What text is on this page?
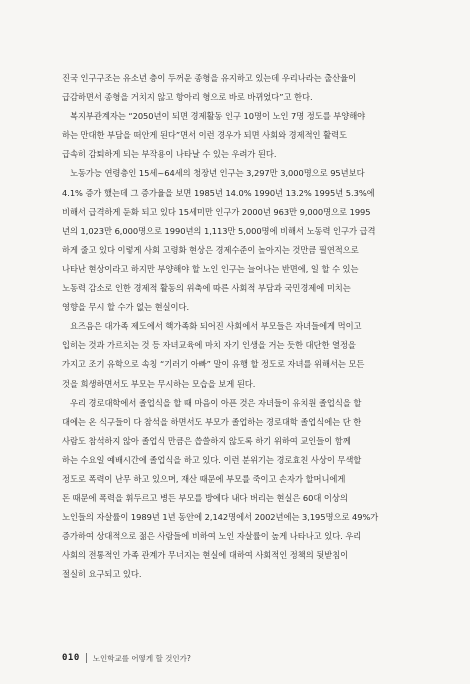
진국 인구구조는 유소년 층이 두꺼운 종형을 유지하고 있는데 우리나라는 출산율이
급감하면서 종형을 거치지 않고 항아리 형으로 바로 바뀌었다”고 한다.
복지부관계자는 “2050년이 되면 경제활동 인구 10명이 노인 7명 정도를 부양해야
하는 만대한 부담을 떠안게 된다”면서 이런 경우가 되면 사회와 경제적인 활력도
급속히 감퇴하게 되는 부작용이 나타날 수 있는 우려가 된다.
노동가능 연령층인 15세~64세의 청장년 인구는 3,297만 3,000명으로 95년보다
4.1% 증가 했는데 그 증가율을 보면 1985년 14.0% 1990년 13.2% 1995년 5.3%에
비해서 급격하게 둔화 되고 있다 15세미만 인구가 2000년 963만 9,000명으로 1995
년의 1,023만 6,000명으로 1990년의 1,113만 5,000명에 비해서 노동력 인구가 급격
하게 줄고 있다 이렇게 사회 고령화 현상은 경제수준이 높아지는 것만큼 필연적으로
나타난 현상이라고 하지만 부양해야 할 노인 인구는 늘어나는 반면에, 일 할 수 있는
노동력 감소로 인한 경제적 활동의 위축에 따른 사회적 부담과 국민경제에 미치는
영향을 무시 할 수가 없는 현실이다.
요즈음은 대가족 제도에서 핵가족화 되어진 사회에서 부모들은 자녀들에게 먹이고
입히는 것과 가르치는 것 등 자녀교육에 마치 자기 인생을 거는 듯한 대단한 열정을
가지고 조기 유학으로 속칭 “기러기 아빠” 말이 유행 할 정도로 자녀를 위해서는 모든
것을 희생하면서도 부모는 무시하는 모습을 보게 된다.
우리 경로대학에서 졸업식을 할 때 마음이 아픈 것은 자녀들이 유치원 졸업식을 할
대에는 온 식구들이 다 참석을 하면서도 부모가 졸업하는 경로대학 졸업식에는 단 한
사람도 참석하지 않아 졸업식 만큼은 씁쓸하지 않도록 하기 위하여 교인들이 함께
하는 수요일 예배시간에 졸업식을 하고 있다. 이런 분위기는 경로효친 사상이 무색할
정도로 폭력이 난무 하고 있으며, 재산 때문에 부모를 죽이고 손자가 할머니에게
돈 때문에 폭력을 휘두르고 병든 부모를 방에다 내다 버리는 현실은 60대 이상의
노인들의 자살률이 1989년 1년 동안에 2,142명에서 2002년에는 3,195명으로 49%가
증가하여 상대적으로 젊은 사람들에 비하여 노인 자살률이 높게 나타나고 있다. 우리
사회의 전통적인 가족 관계가 무너지는 현실에 대하여 사회적인 정책의 뒷받침이
절실히 요구되고 있다.
010 노인학교를 어떻게 할 것인가?
